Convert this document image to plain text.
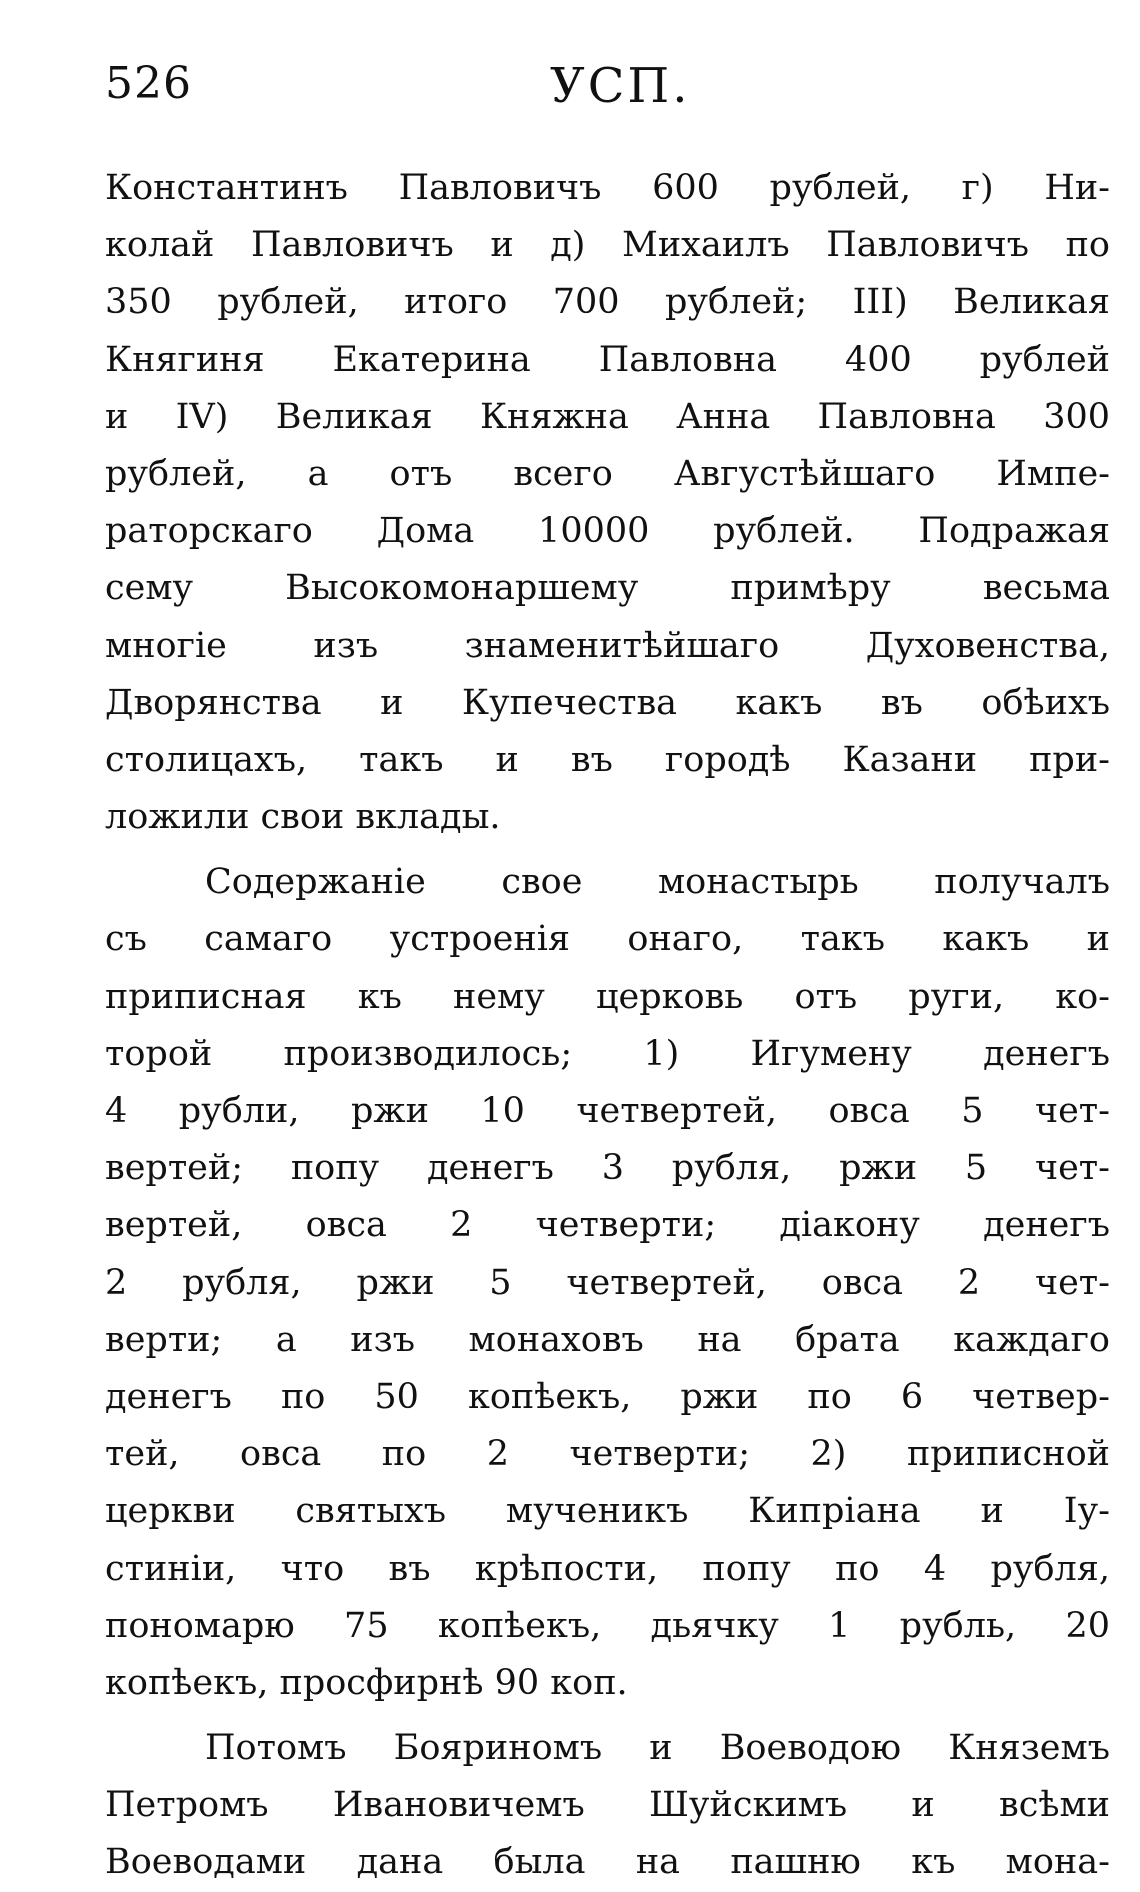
526	УСП.
Константинъ Павловичъ 600 рублей, г) Ни-
колай Павловичъ и д) Михаилъ Павловичъ по
350 рублей, итого 700 рублей; III) Великая
Княгиня Екатерина Павловна 400 рублей
и IV) Великая Княжна Анна Павловна 300
рублей, а отъ всего Августѣйшаго Импе-
раторскаго Дома 10000 рублей. Подражая
сему Высокомонаршему примѣру весьма
многіе изъ знаменитѣйшаго Духовенства,
Дворянства и Купечества какъ въ обѣихъ
столицахъ, такъ и въ городѣ Казани при-
ложили свои вклады.
Содержаніе свое монастырь получалъ
съ самаго устроенія онаго, такъ какъ и
приписная къ нему церковь отъ руги, ко-
торой производилось; 1) Игумену денегъ
4 рубли, ржи 10 четвертей, овса 5 чет-
вертей; попу денегъ 3 рубля, ржи 5 чет-
вертей, овса 2 четверти; діакону денегъ
2 рубля, ржи 5 четвертей, овса 2 чет-
верти; а изъ монаховъ на брата каждаго
денегъ по 50 копѣекъ, ржи по 6 четвер-
тей, овса по 2 четверти; 2) приписной
церкви святыхъ мученикъ Кипріана и Iу-
стиніи, что въ крѣпости, попу по 4 рубля,
пономарю 75 копѣекъ, дьячку 1 рубль, 20
копѣекъ, просфирнѣ 90 коп.
Потомъ Бояриномъ и Воеводою Княземъ
Петромъ Ивановичемъ Шуйскимъ и всѣми
Воеводами дана была на пашню къ мона-
